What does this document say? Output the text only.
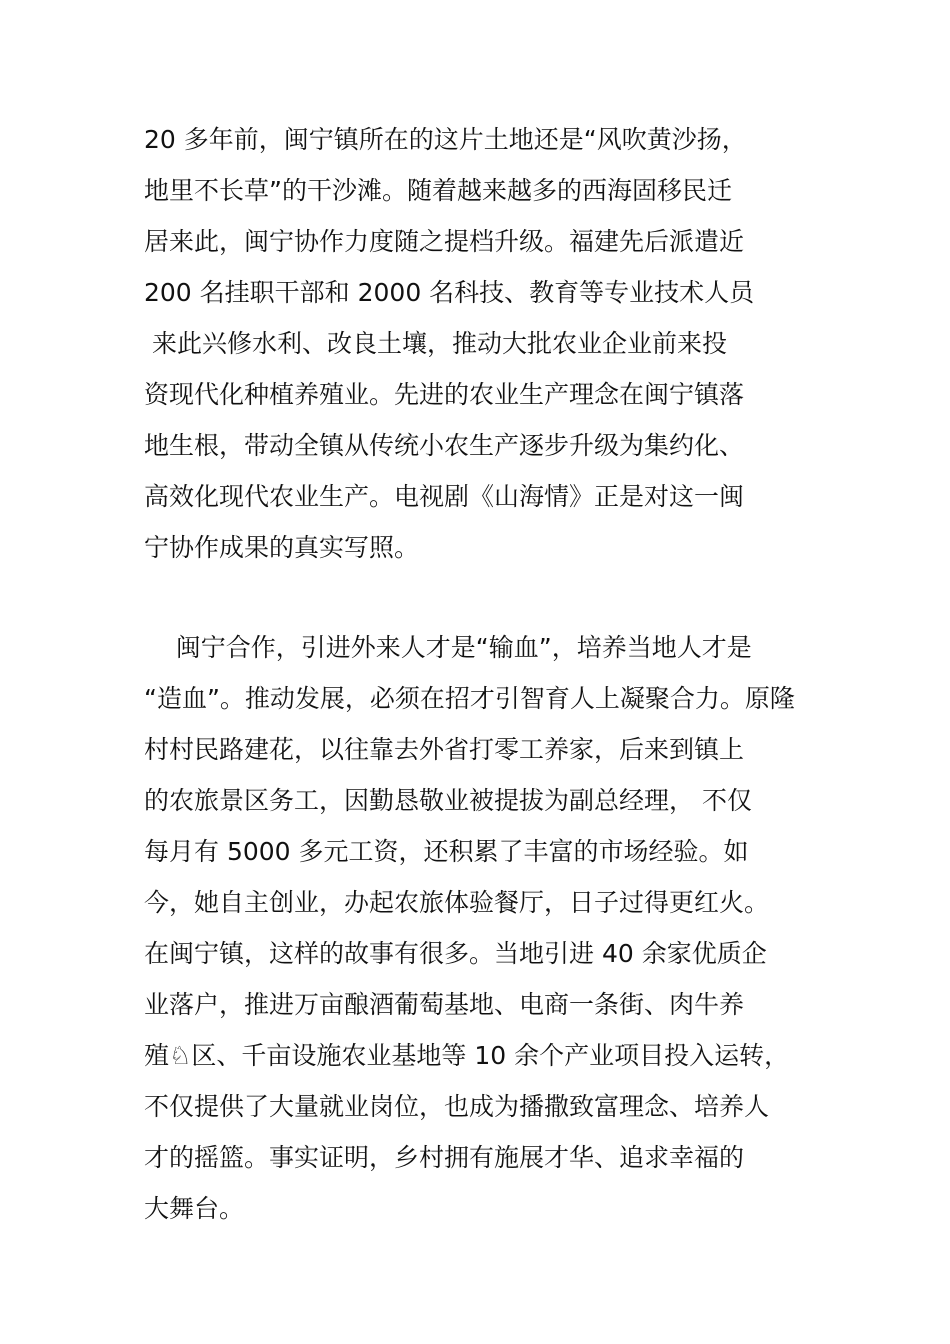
20 多年前，闽宁镇所在的这片土地还是“风吹黄沙扬，
地里不长草”的干沙滩。随着越来越多的西海固移民迁
居来此，闽宁协作力度随之提档升级。福建先后派遣近
200 名挂职干部和 2000 名科技、教育等专业技术人员
来此兴修水利、改良土壤，推动大批农业企业前来投
资现代化种植养殖业。先进的农业生产理念在闽宁镇落
地生根，带动全镇从传统小农生产逐步升级为集约化、
高效化现代农业生产。电视剧《山海情》正是对这一闽
宁协作成果的真实写照。
闽宁合作，引进外来人才是“输血”，培养当地人才是
“造血”。推动发展，必须在招才引智育人上凝聚合力。原隆
村村民路建花，以往靠去外省打零工养家，后来到镇上
的农旅景区务工，因勤恳敬业被提拔为副总经理， 不仅
每月有 5000 多元工资，还积累了丰富的市场经验。如
今，她自主创业，办起农旅体验餐厅，日子过得更红火。
在闽宁镇，这样的故事有很多。当地引进 40 余家优质企
业落户，推进万亩酿酒葡萄基地、电商一条街、肉牛养
殖♘区、千亩设施农业基地等 10 余个产业项目投入运转，
不仅提供了大量就业岗位，也成为播撒致富理念、培养人
才的摇篮。事实证明，乡村拥有施展才华、追求幸福的
大舞台。
